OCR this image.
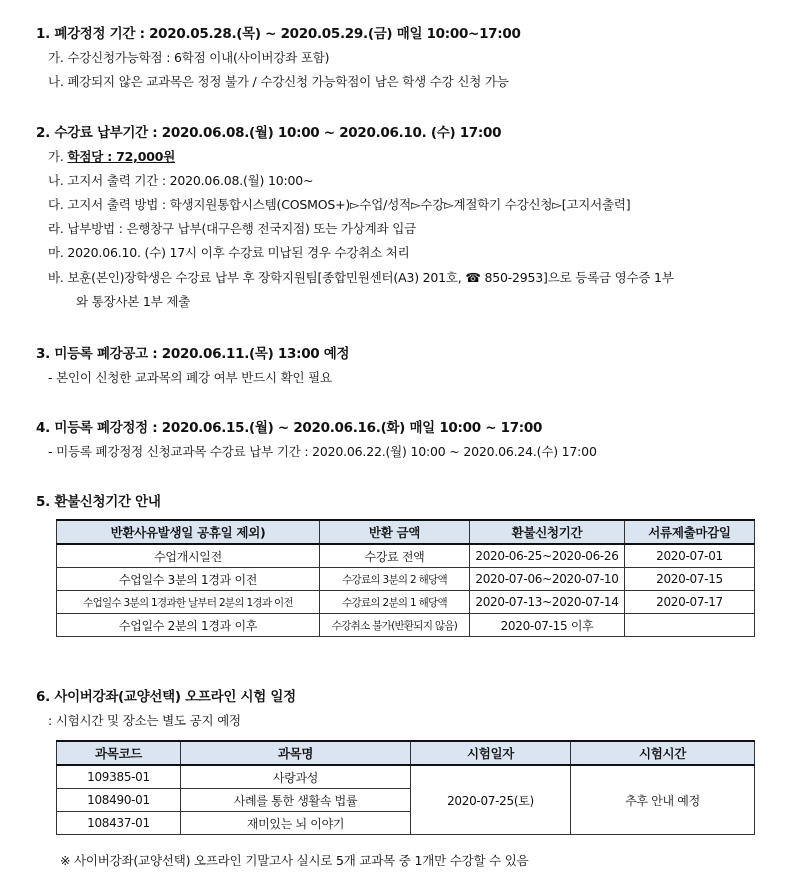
1. 폐강정정 기간 : 2020.05.28.(목) ~ 2020.05.29.(금) 매일 10:00~17:00
가. 수강신청가능학점 : 6학점 이내(사이버강좌 포함)
나. 폐강되지 않은 교과목은 정정 불가 / 수강신청 가능학점이 남은 학생 수강 신청 가능
2. 수강료 납부기간 : 2020.06.08.(월) 10:00 ~ 2020.06.10. (수) 17:00
가. 학점당 : 72,000원
나. 고지서 출력 기간 : 2020.06.08.(월) 10:00~
다. 고지서 출력 방법 : 학생지원통합시스템(COSMOS+)▻수업/성적▻수강▻계절학기 수강신청▻[고지서출력]
라. 납부방법 : 은행창구 납부(대구은행 전국지점) 또는 가상계좌 입금
마. 2020.06.10. (수) 17시 이후 수강료 미납된 경우 수강취소 처리
바. 보훈(본인)장학생은 수강료 납부 후 장학지원팀[종합민원센터(A3) 201호, ☎ 850-2953]으로 등록금 영수증 1부
와 통장사본 1부 제출
3. 미등록 폐강공고 : 2020.06.11.(목) 13:00 예정
- 본인이 신청한 교과목의 폐강 여부 반드시 확인 필요
4. 미등록 폐강정정 : 2020.06.15.(월) ~ 2020.06.16.(화) 매일 10:00 ~ 17:00
- 미등록 폐강정정 신청교과목 수강료 납부 기간 : 2020.06.22.(월) 10:00 ~ 2020.06.24.(수) 17:00
5. 환불신청기간 안내
반환사유발생일 공휴일 제외)	반환 금액	환불신청기간	서류제출마감일
수업개시일전	수강료 전액	2020-06-25~2020-06-26	2020-07-01
수업일수 3분의 1경과 이전	수강료의 3분의 2 해당액	2020-07-06~2020-07-10	2020-07-15
수업일수 3분의 1경과한 날부터 2분의 1경과 이전	수강료의 2분의 1 해당액	2020-07-13~2020-07-14	2020-07-17
수업일수 2분의 1경과 이후	수강취소 불가(반환되지 않음)	2020-07-15 이후	
6. 사이버강좌(교양선택) 오프라인 시험 일정
: 시험시간 및 장소는 별도 공지 예정
과목코드	과목명	시험일자	시험시간
109385-01	사랑과성	2020-07-25(토)	추후 안내 예정
108490-01	사례를 통한 생활속 법률		
108437-01	재미있는 뇌 이야기		
※ 사이버강좌(교양선택) 오프라인 기말고사 실시로 5개 교과목 중 1개만 수강할 수 있음
